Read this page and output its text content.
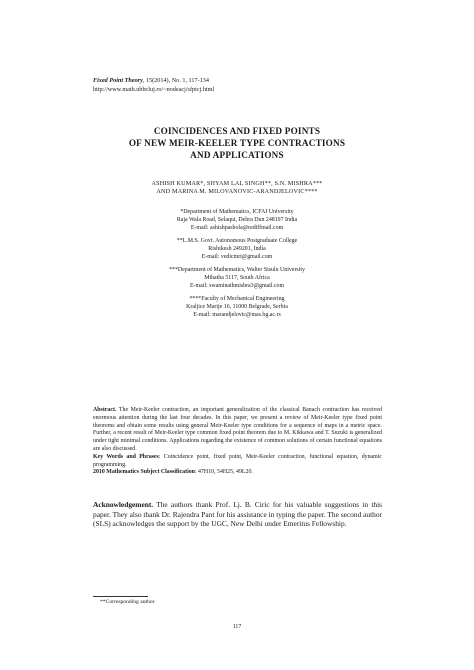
Fixed Point Theory, 15(2014), No. 1, 117-134
http://www.math.ubbcluj.ro/~nodeacj/sfptcj.html
COINCIDENCES AND FIXED POINTS
OF NEW MEIR-KEELER TYPE CONTRACTIONS
AND APPLICATIONS
ASHISH KUMAR*, SHYAM LAL SINGH**, S.N. MISHRA***
AND MARINA M. MILOVANOVIC-ARANDJELOVIC****
*Department of Mathematics, ICFAI University
Raja Wala Road, Selaqui, Dehra Dun 248197 India
E-mail: ashishpasbola@rediffmail.com
**L.M.S. Govt. Autonomous Postgraduate College
Rishikesh 249201, India
E-mail: vedicmri@gmail.com
***Department of Mathematics, Walter Sisulu University
Mthatha 5117, South Africa
E-mail: swaminathmishra3@gmail.com
****Faculty of Mechanical Engineering
Kraljice Marije 16, 11000 Belgrade, Serbia
E-mail: marandjelovic@mas.bg.ac.rs
Abstract. The Meir-Keeler contraction, an important generalization of the classical Banach contraction has received enormous attention during the last four decades. In this paper, we present a review of Meir-Keeler type fixed point theorems and obtain some results using general Meir-Keeler type conditions for a sequence of maps in a metric space. Further, a recent result of Meir-Keeler type common fixed point theorem due to M. Kikkawa and T. Suzuki is generalized under tight minimal conditions. Applications regarding the existence of common solutions of certain functional equations are also discussed.
Key Words and Phrases: Coincidence point, fixed point, Meir-Keeler contraction, functional equation, dynamic programming.
2010 Mathematics Subject Classification: 47H10, 54H25, 49L20.
Acknowledgement. The authors thank Prof. Lj. B. Ciric for his valuable suggestions in this paper. They also thank Dr. Rajendra Pant for his assistance in typing the paper. The second author (SLS) acknowledges the support by the UGC, New Delhi under Emeritus Fellowship.
**Corresponding author.
117
